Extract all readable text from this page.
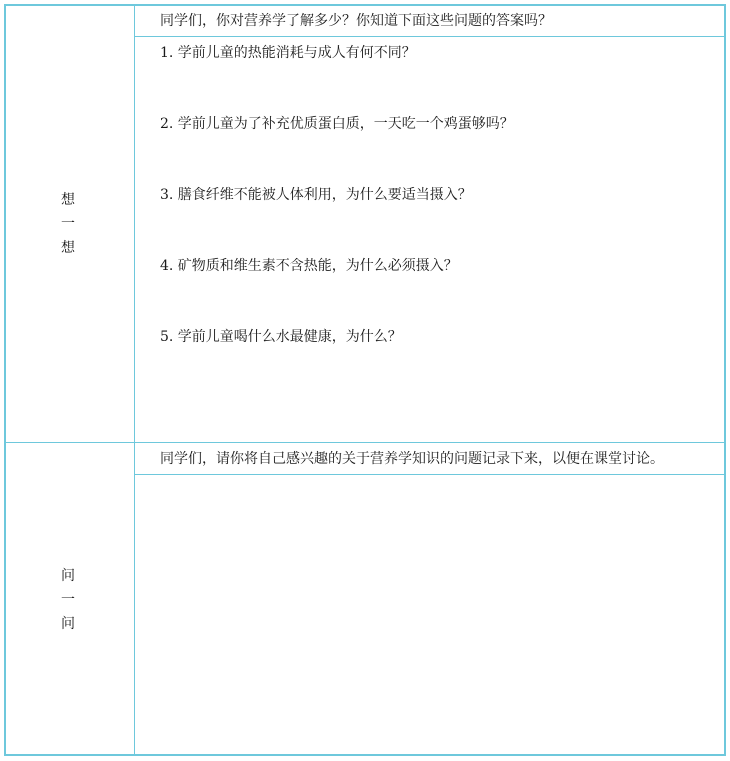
想
一
想
同学们，你对营养学了解多少？你知道下面这些问题的答案吗？
1. 学前儿童的热能消耗与成人有何不同？
2. 学前儿童为了补充优质蛋白质，一天吃一个鸡蛋够吗？
3. 膳食纤维不能被人体利用，为什么要适当摄入？
4. 矿物质和维生素不含热能，为什么必须摄入？
5. 学前儿童喝什么水最健康，为什么？
问
一
问
同学们，请你将自己感兴趣的关于营养学知识的问题记录下来，以便在课堂讨论。
